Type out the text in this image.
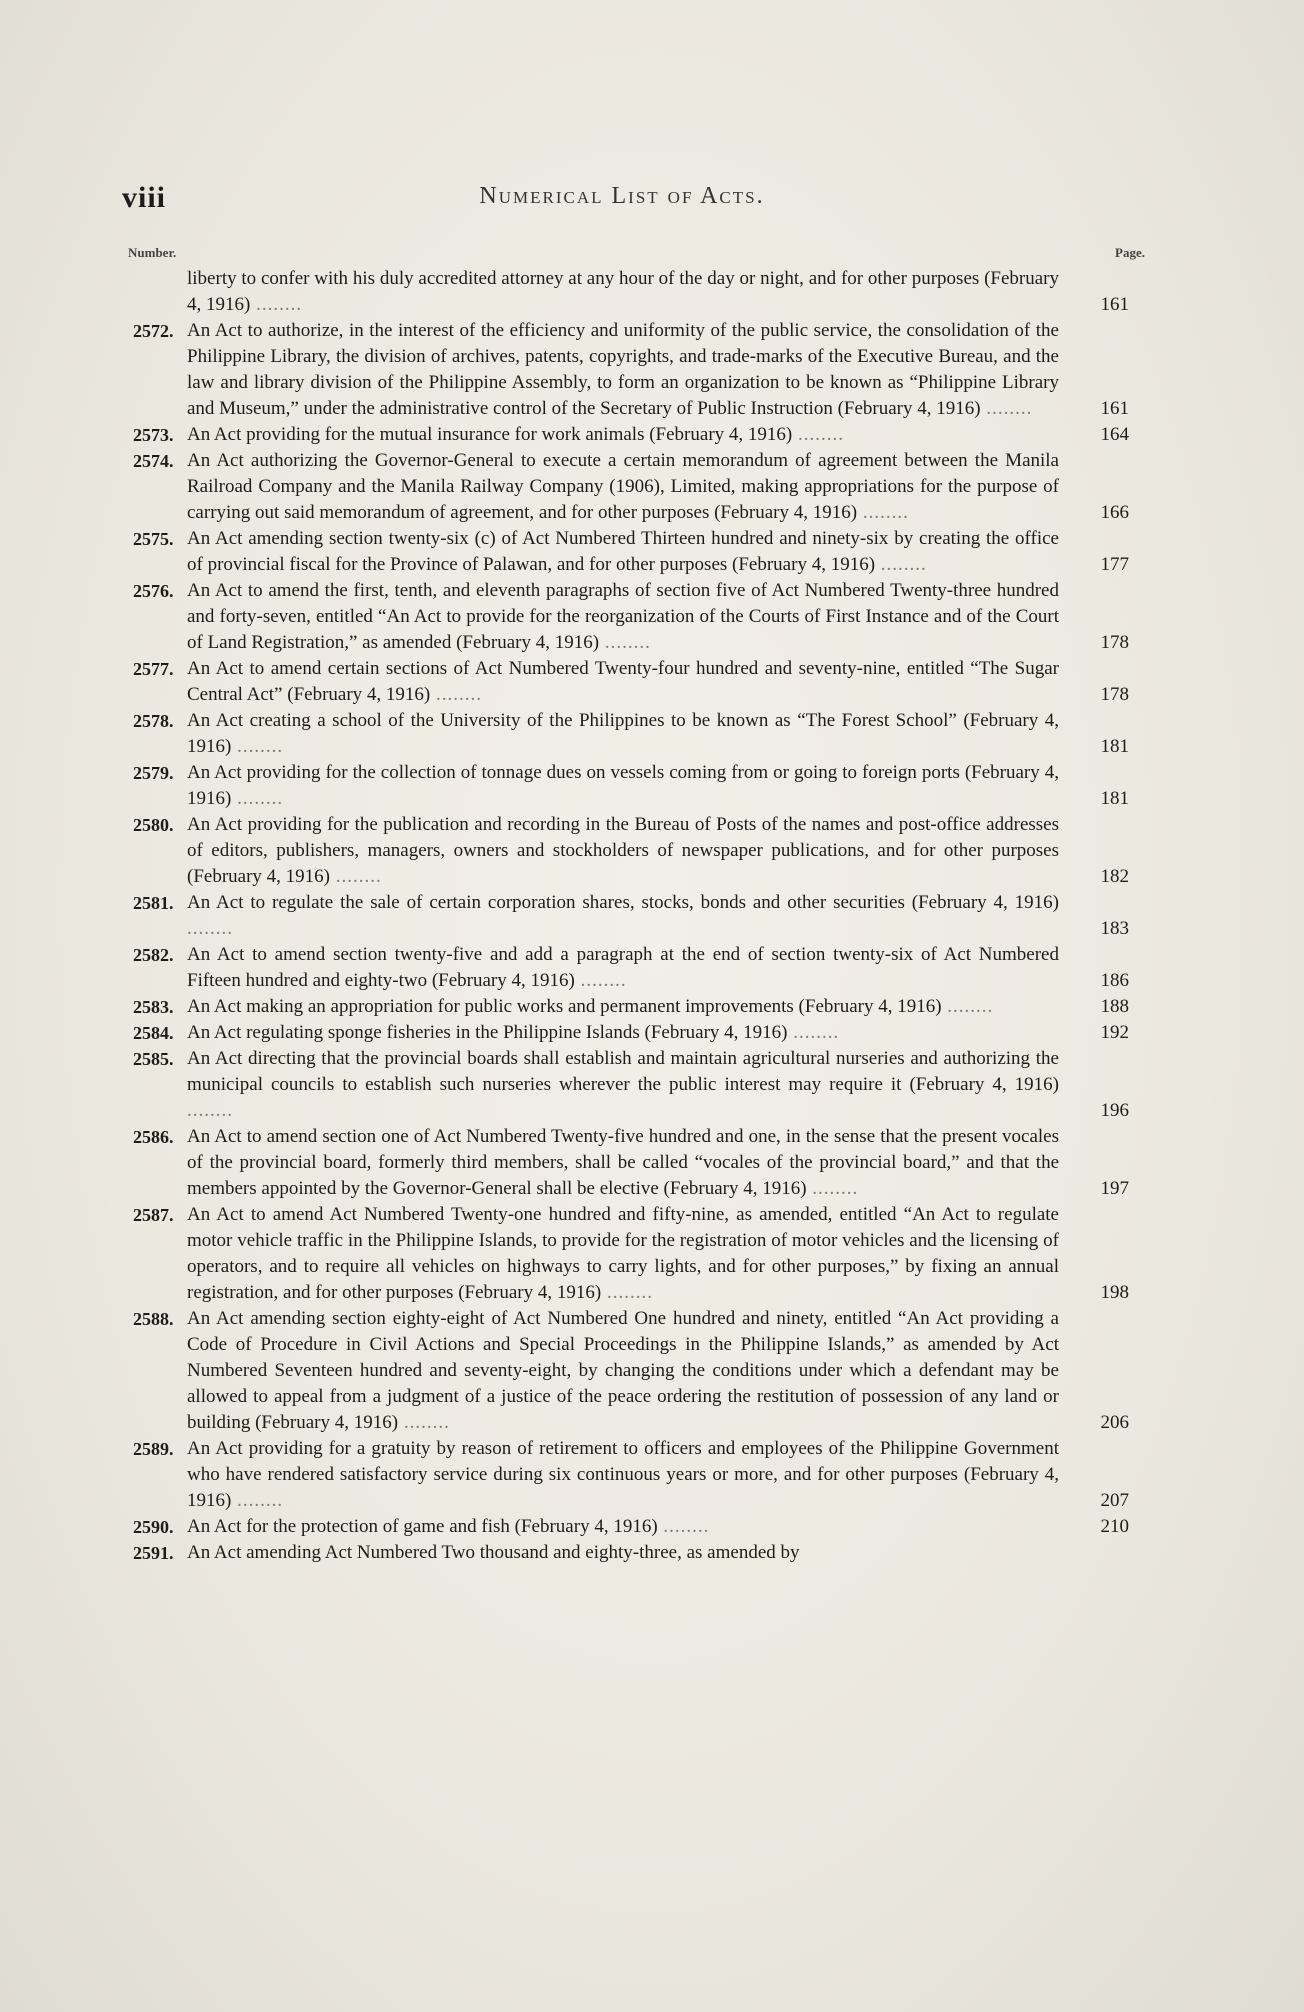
viii	Numerical List of Acts.
Number.	Page.
liberty to confer with his duly accredited attorney at any hour of the day or night, and for other purposes (February 4, 1916) ........	161
2572. An Act to authorize, in the interest of the efficiency and uniformity of the public service, the consolidation of the Philippine Library, the division of archives, patents, copyrights, and trade-marks of the Executive Bureau, and the law and library division of the Philippine Assembly, to form an organization to be known as “Philippine Library and Museum,” under the administrative control of the Secretary of Public Instruction (February 4, 1916) ........	161
2573. An Act providing for the mutual insurance for work animals (February 4, 1916) ........	164
2574. An Act authorizing the Governor-General to execute a certain memorandum of agreement between the Manila Railroad Company and the Manila Railway Company (1906), Limited, making appropriations for the purpose of carrying out said memorandum of agreement, and for other purposes (February 4, 1916) ........	166
2575. An Act amending section twenty-six (c) of Act Numbered Thirteen hundred and ninety-six by creating the office of provincial fiscal for the Province of Palawan, and for other purposes (February 4, 1916) ........	177
2576. An Act to amend the first, tenth, and eleventh paragraphs of section five of Act Numbered Twenty-three hundred and forty-seven, entitled “An Act to provide for the reorganization of the Courts of First Instance and of the Court of Land Registration,” as amended (February 4, 1916) ........	178
2577. An Act to amend certain sections of Act Numbered Twenty-four hundred and seventy-nine, entitled “The Sugar Central Act” (February 4, 1916) ........	178
2578. An Act creating a school of the University of the Philippines to be known as “The Forest School” (February 4, 1916) ........	181
2579. An Act providing for the collection of tonnage dues on vessels coming from or going to foreign ports (February 4, 1916) ........	181
2580. An Act providing for the publication and recording in the Bureau of Posts of the names and post-office addresses of editors, publishers, managers, owners and stockholders of newspaper publications, and for other purposes (February 4, 1916) ........	182
2581. An Act to regulate the sale of certain corporation shares, stocks, bonds and other securities (February 4, 1916) ........	183
2582. An Act to amend section twenty-five and add a paragraph at the end of section twenty-six of Act Numbered Fifteen hundred and eighty-two (February 4, 1916) ........	186
2583. An Act making an appropriation for public works and permanent improvements (February 4, 1916) ........	188
2584. An Act regulating sponge fisheries in the Philippine Islands (February 4, 1916) ........	192
2585. An Act directing that the provincial boards shall establish and maintain agricultural nurseries and authorizing the municipal councils to establish such nurseries wherever the public interest may require it (February 4, 1916) ........	196
2586. An Act to amend section one of Act Numbered Twenty-five hundred and one, in the sense that the present vocales of the provincial board, formerly third members, shall be called “vocales of the provincial board,” and that the members appointed by the Governor-General shall be elective (February 4, 1916) ........	197
2587. An Act to amend Act Numbered Twenty-one hundred and fifty-nine, as amended, entitled “An Act to regulate motor vehicle traffic in the Philippine Islands, to provide for the registration of motor vehicles and the licensing of operators, and to require all vehicles on highways to carry lights, and for other purposes,” by fixing an annual registration, and for other purposes (February 4, 1916) ........	198
2588. An Act amending section eighty-eight of Act Numbered One hundred and ninety, entitled “An Act providing a Code of Procedure in Civil Actions and Special Proceedings in the Philippine Islands,” as amended by Act Numbered Seventeen hundred and seventy-eight, by changing the conditions under which a defendant may be allowed to appeal from a judgment of a justice of the peace ordering the restitution of possession of any land or building (February 4, 1916) ........	206
2589. An Act providing for a gratuity by reason of retirement to officers and employees of the Philippine Government who have rendered satisfactory service during six continuous years or more, and for other purposes (February 4, 1916) ........	207
2590. An Act for the protection of game and fish (February 4, 1916) ........	210
2591. An Act amending Act Numbered Two thousand and eighty-three, as amended by
